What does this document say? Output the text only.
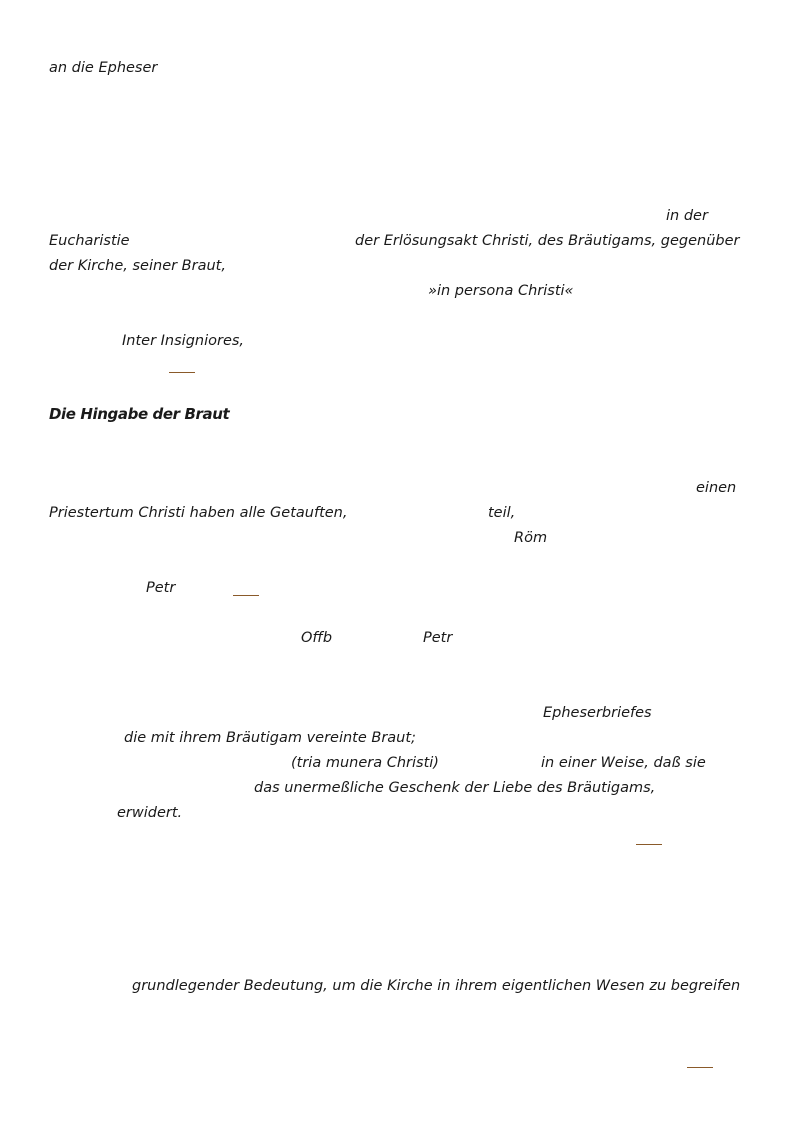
an die Epheser
in der
Eucharistie	der Erlösungsakt Christi, des Bräutigams, gegenüber
der Kirche, seiner Braut,
»in persona Christi«
Inter Insigniores,
Die Hingabe der Braut
einen
Priestertum Christi haben alle Getauften,	teil,
Röm
Petr
Offb	Petr
Epheserbriefes
die mit ihrem Bräutigam vereinte Braut;
(tria munera Christi)	in einer Weise, daß sie
das unermeßliche Geschenk der Liebe des Bräutigams,
erwidert.
grundlegender Bedeutung, um die Kirche in ihrem eigentlichen Wesen zu begreifen
